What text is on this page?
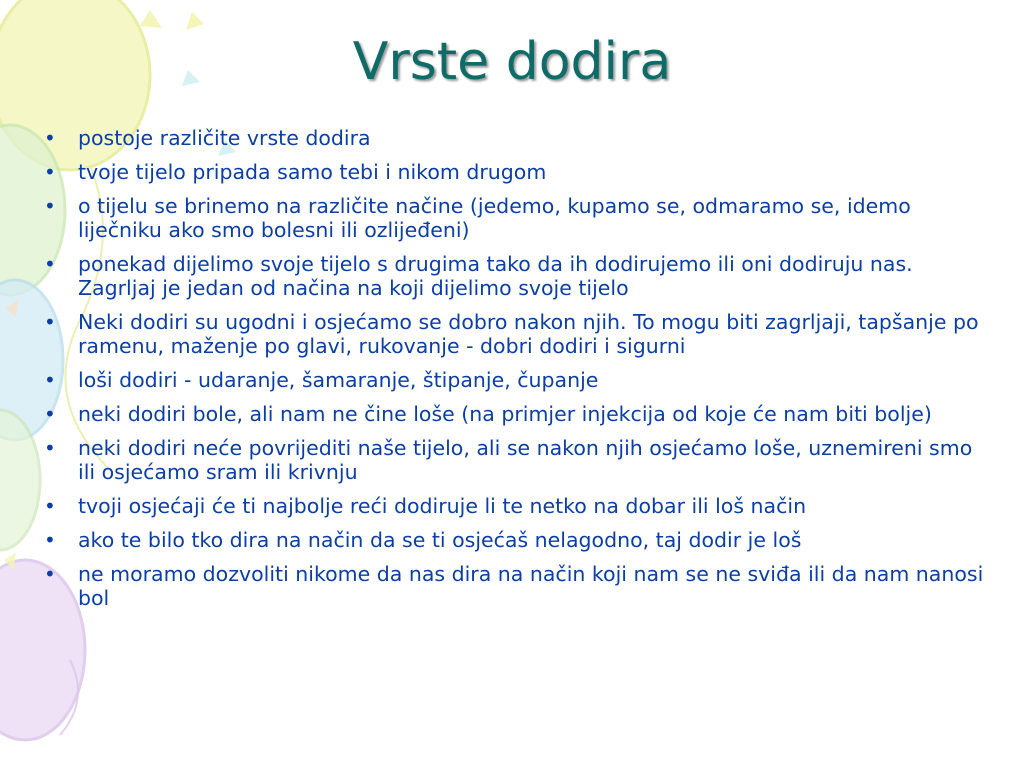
Vrste dodira
• postoje različite vrste dodira
• tvoje tijelo pripada samo tebi i nikom drugom
• o tijelu se brinemo na različite načine (jedemo, kupamo se, odmaramo se, idemo liječniku ako smo bolesni ili ozlijeđeni)
• ponekad dijelimo svoje tijelo s drugima tako da ih dodirujemo ili oni dodiruju nas. Zagrljaj je jedan od načina na koji dijelimo svoje tijelo
• Neki dodiri su ugodni i osjećamo se dobro nakon njih. To mogu biti zagrljaji, tapšanje po ramenu, maženje po glavi, rukovanje - dobri dodiri i sigurni
• loši dodiri - udaranje, šamaranje, štipanje, čupanje
• neki dodiri bole, ali nam ne čine loše (na primjer injekcija od koje će nam biti bolje)
• neki dodiri neće povrijediti naše tijelo, ali se nakon njih osjećamo loše, uznemireni smo ili osjećamo sram ili krivnju
• tvoji osjećaji će ti najbolje reći dodiruje li te netko na dobar ili loš način
• ako te bilo tko dira na način da se ti osjećaš nelagodno, taj dodir je loš
• ne moramo dozvoliti nikome da nas dira na način koji nam se ne sviđa ili da nam nanosi bol
